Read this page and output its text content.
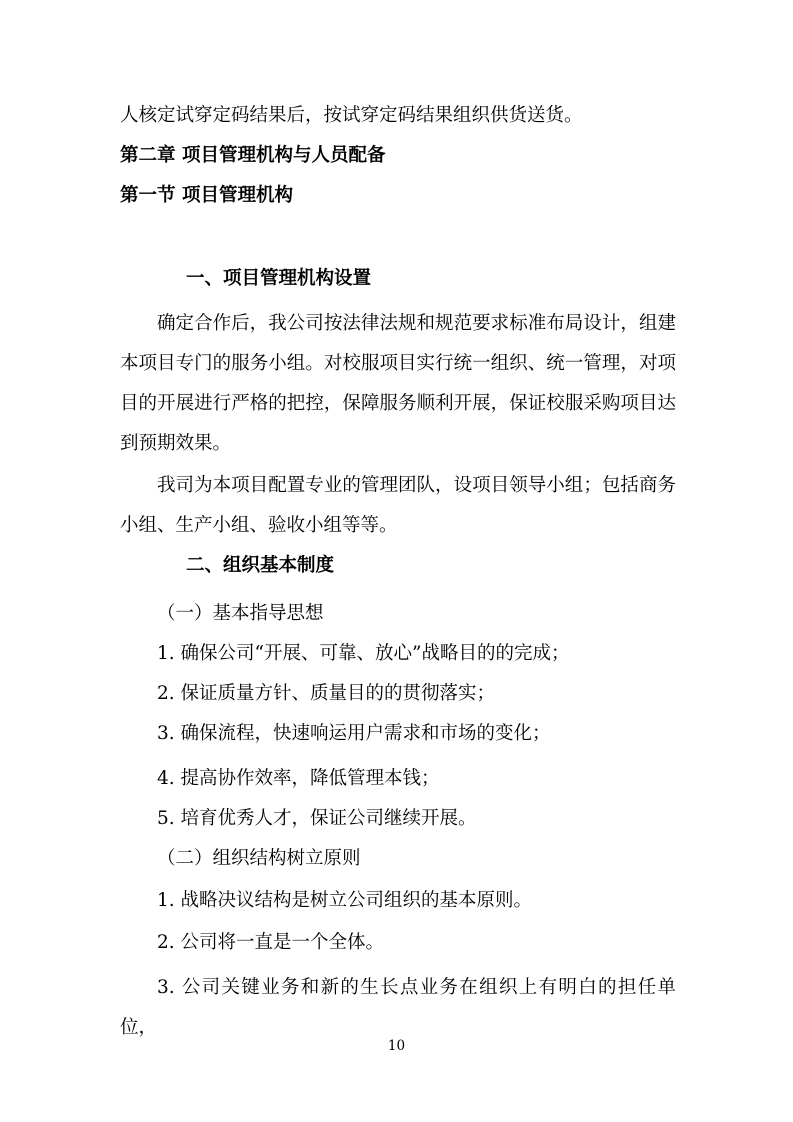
人核定试穿定码结果后，按试穿定码结果组织供货送货。

第二章 项目管理机构与人员配备

第一节 项目管理机构

一、项目管理机构设置

确定合作后，我公司按法律法规和规范要求标准布局设计，组建本项目专门的服务小组。对校服项目实行统一组织、统一管理，对项目的开展进行严格的把控，保障服务顺利开展，保证校服采购项目达到预期效果。

我司为本项目配置专业的管理团队，设项目领导小组；包括商务小组、生产小组、验收小组等等。

二、组织基本制度

（一）基本指导思想

1. 确保公司“开展、可靠、放心”战略目的的完成；

2. 保证质量方针、质量目的的贯彻落实；

3. 确保流程，快速响运用户需求和市场的变化；

4. 提高协作效率，降低管理本钱；

5. 培育优秀人才，保证公司继续开展。

（二）组织结构树立原则

1. 战略决议结构是树立公司组织的基本原则。

2. 公司将一直是一个全体。

3. 公司关键业务和新的生长点业务在组织上有明白的担任单位，

10
